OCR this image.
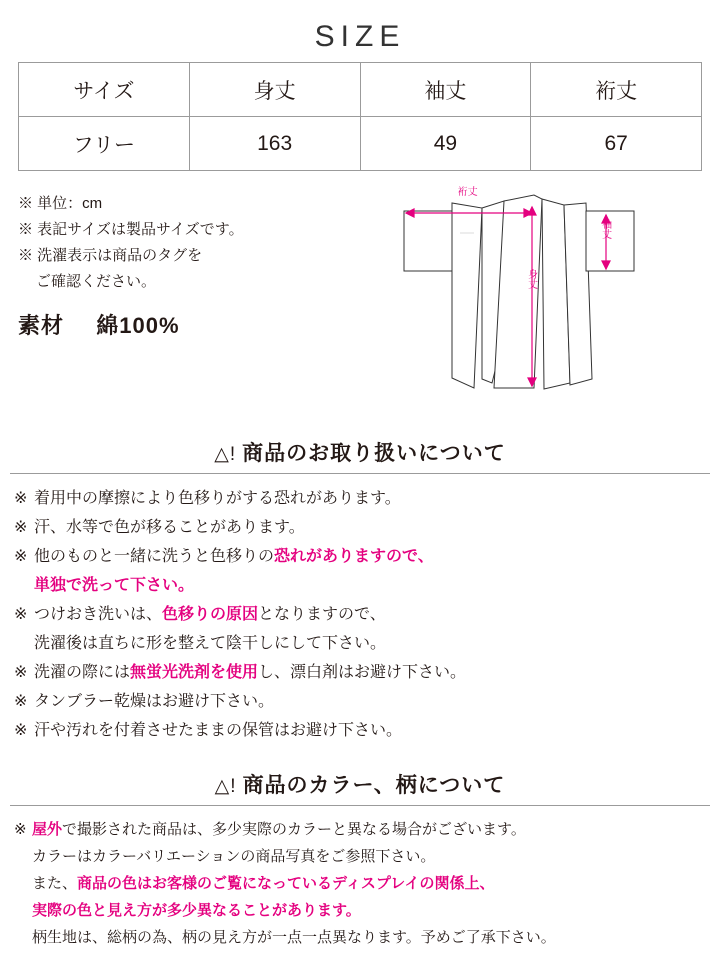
SIZE
サイズ	身丈	袖丈	裄丈
フリー	163	49	67
※ 単位：cm
※ 表記サイズは製品サイズです。
※ 洗濯表示は商品のタグを
ご確認ください。
素材 綿100%
裄丈
袖丈
身丈
△! 商品のお取り扱いについて
※ 着用中の摩擦により色移りがする恐れがあります。
※ 汗、水等で色が移ることがあります。
※ 他のものと一緒に洗うと色移りの恐れがありますので、
単独で洗って下さい。
※ つけおき洗いは、色移りの原因となりますので、
洗濯後は直ちに形を整えて陰干しにして下さい。
※ 洗濯の際には無蛍光洗剤を使用し、漂白剤はお避け下さい。
※ タンブラー乾燥はお避け下さい。
※ 汗や汚れを付着させたままの保管はお避け下さい。
△! 商品のカラー、柄について
※ 屋外で撮影された商品は、多少実際のカラーと異なる場合がございます。
カラーはカラーバリエーションの商品写真をご参照下さい。
また、商品の色はお客様のご覧になっているディスプレイの関係上、
実際の色と見え方が多少異なることがあります。
柄生地は、総柄の為、柄の見え方が一点一点異なります。予めご了承下さい。
